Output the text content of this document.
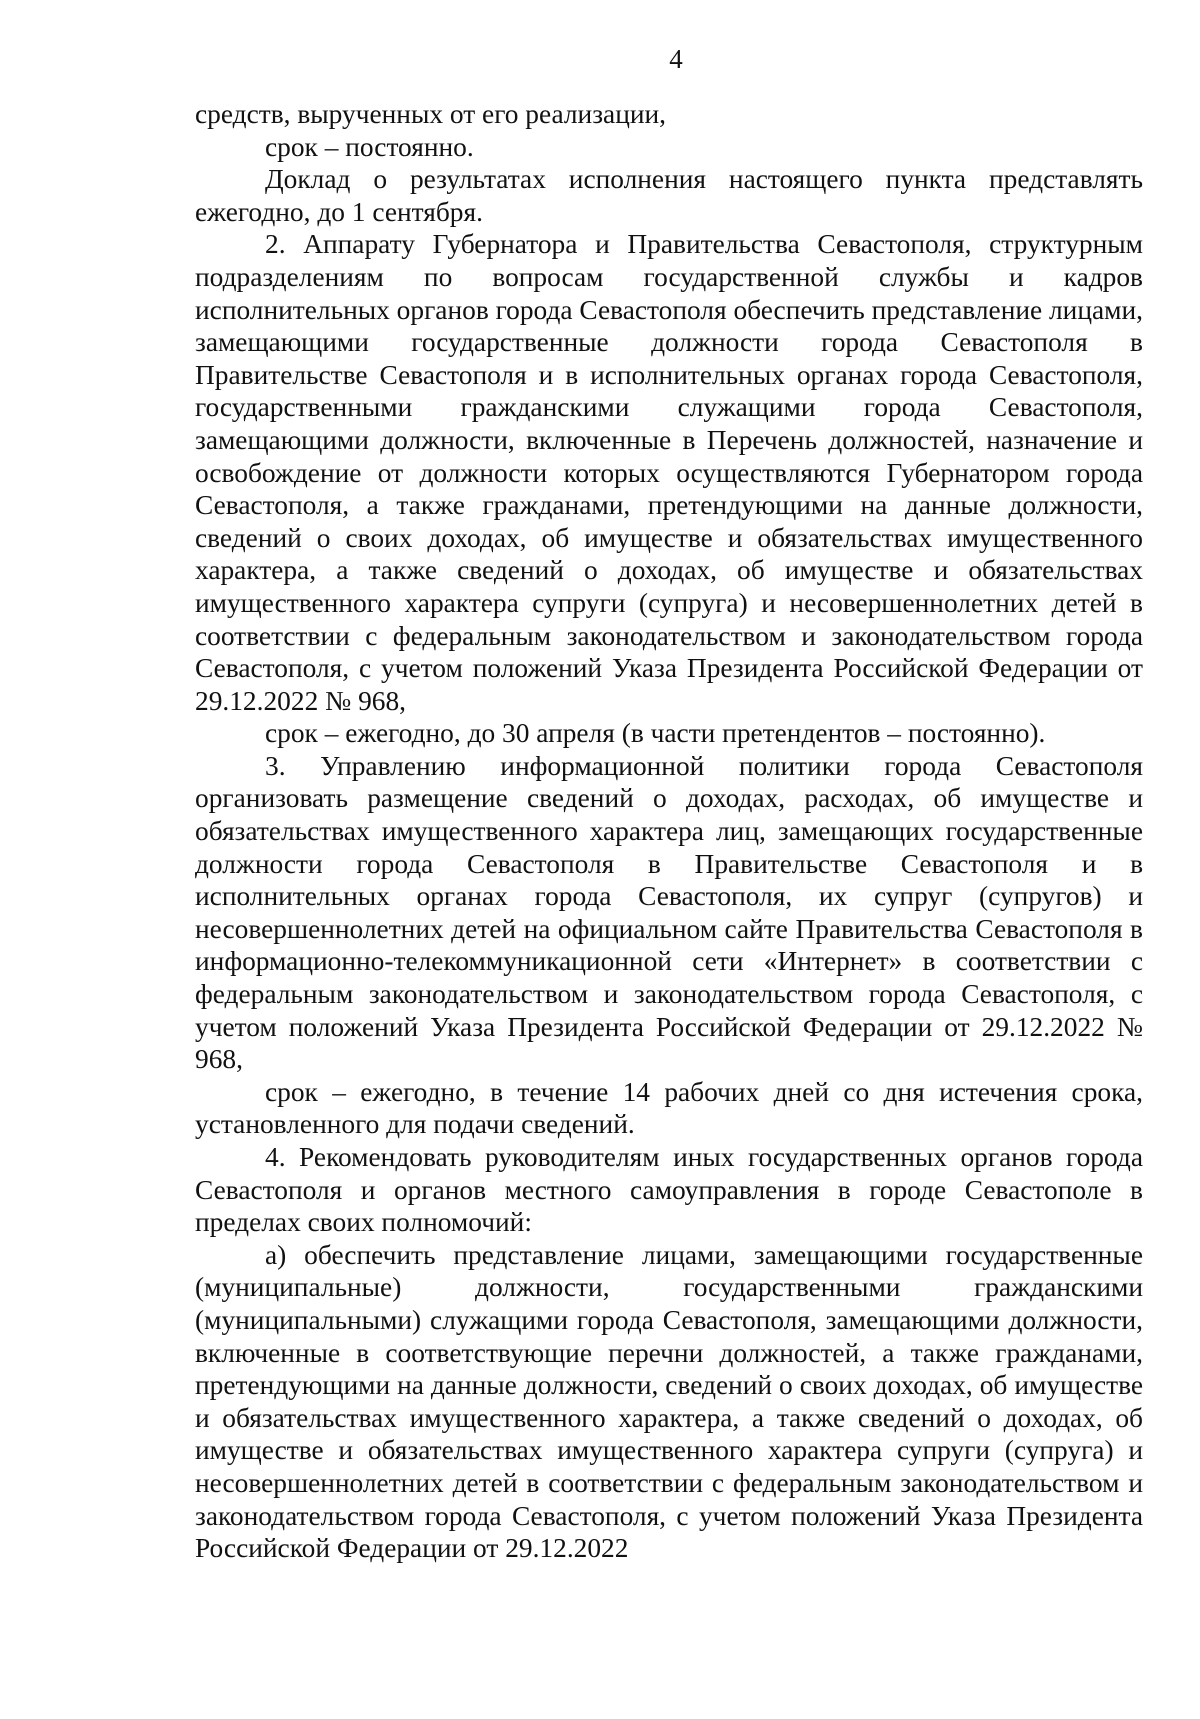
4

средств, вырученных от его реализации,

срок – постоянно.

Доклад о результатах исполнения настоящего пункта представлять ежегодно, до 1 сентября.

2. Аппарату Губернатора и Правительства Севастополя, структурным подразделениям по вопросам государственной службы и кадров исполнительных органов города Севастополя обеспечить представление лицами, замещающими государственные должности города Севастополя в Правительстве Севастополя и в исполнительных органах города Севастополя, государственными гражданскими служащими города Севастополя, замещающими должности, включенные в Перечень должностей, назначение и освобождение от должности которых осуществляются Губернатором города Севастополя, а также гражданами, претендующими на данные должности, сведений о своих доходах, об имуществе и обязательствах имущественного характера, а также сведений о доходах, об имуществе и обязательствах имущественного характера супруги (супруга) и несовершеннолетних детей в соответствии с федеральным законодательством и законодательством города Севастополя, с учетом положений Указа Президента Российской Федерации от 29.12.2022 № 968,

срок – ежегодно, до 30 апреля (в части претендентов – постоянно).

3. Управлению информационной политики города Севастополя организовать размещение сведений о доходах, расходах, об имуществе и обязательствах имущественного характера лиц, замещающих государственные должности города Севастополя в Правительстве Севастополя и в исполнительных органах города Севастополя, их супруг (супругов) и несовершеннолетних детей на официальном сайте Правительства Севастополя в информационно-телекоммуникационной сети «Интернет» в соответствии с федеральным законодательством и законодательством города Севастополя, с учетом положений Указа Президента Российской Федерации от 29.12.2022 № 968,

срок – ежегодно, в течение 14 рабочих дней со дня истечения срока, установленного для подачи сведений.

4. Рекомендовать руководителям иных государственных органов города Севастополя и органов местного самоуправления в городе Севастополе в пределах своих полномочий:

а) обеспечить представление лицами, замещающими государственные (муниципальные) должности, государственными гражданскими (муниципальными) служащими города Севастополя, замещающими должности, включенные в соответствующие перечни должностей, а также гражданами, претендующими на данные должности, сведений о своих доходах, об имуществе и обязательствах имущественного характера, а также сведений о доходах, об имуществе и обязательствах имущественного характера супруги (супруга) и несовершеннолетних детей в соответствии с федеральным законодательством и законодательством города Севастополя, с учетом положений Указа Президента Российской Федерации от 29.12.2022
